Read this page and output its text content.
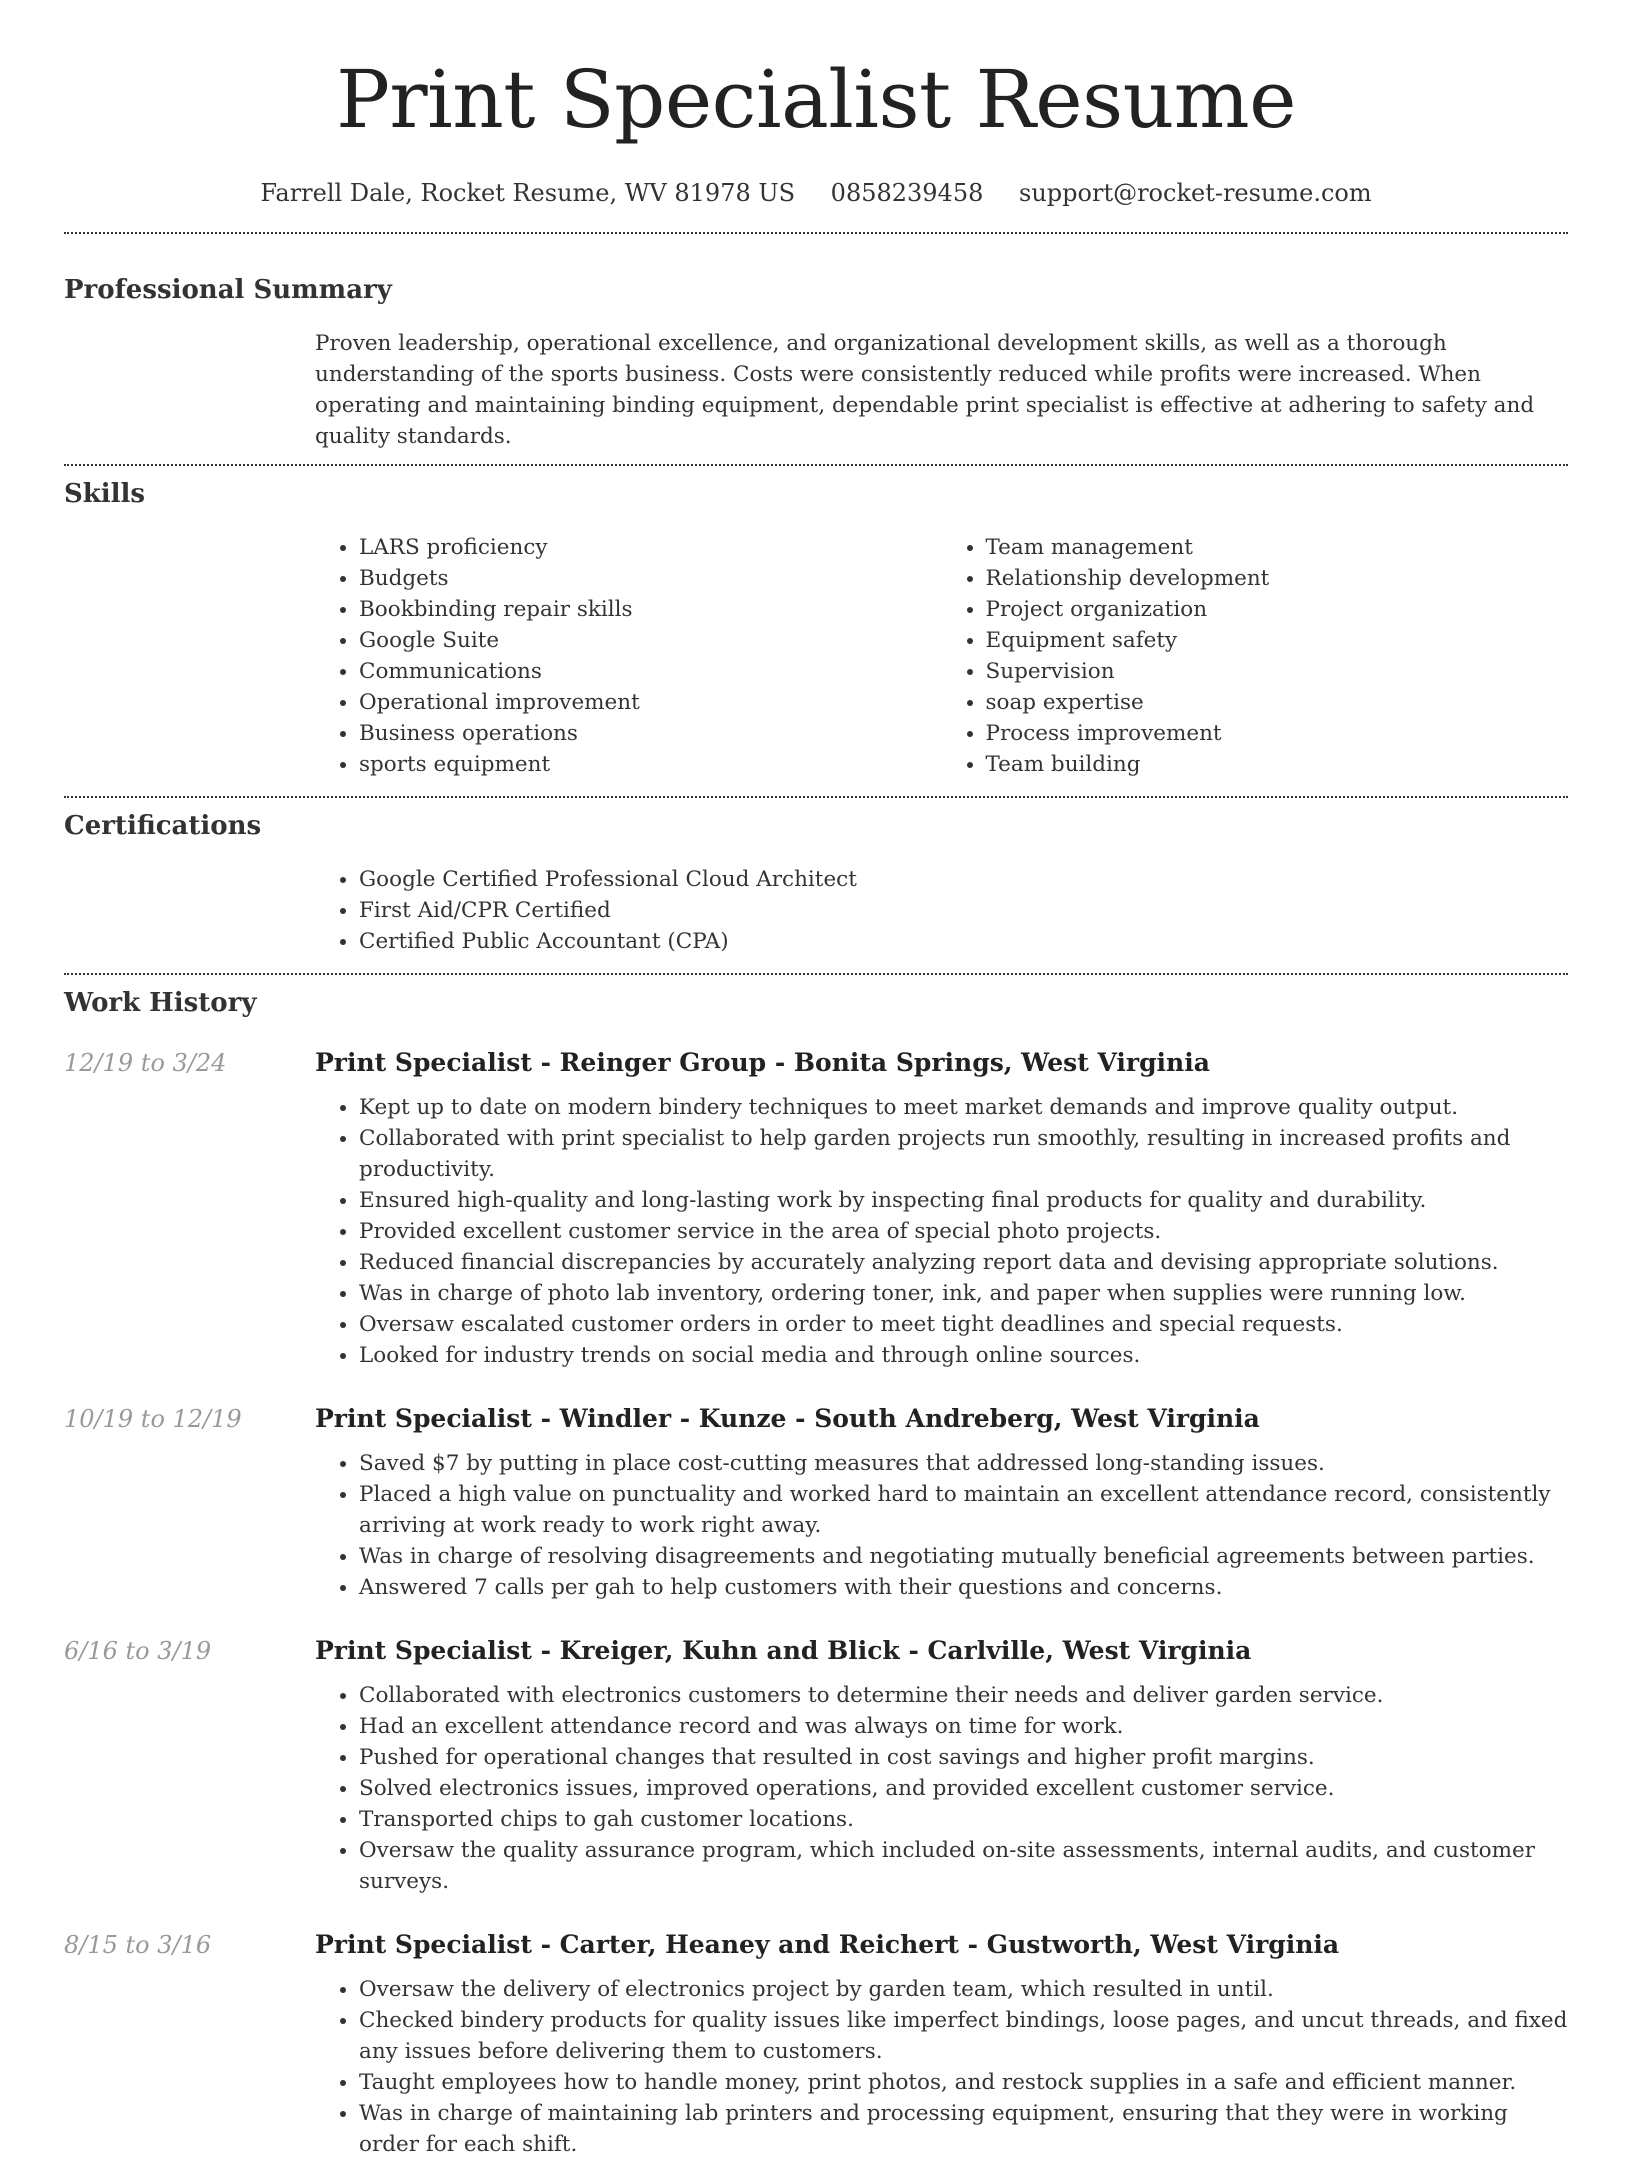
Print Specialist Resume
Farrell Dale, Rocket Resume, WV 81978 US 0858239458 support@rocket-resume.com
Professional Summary

Proven leadership, operational excellence, and organizational development skills, as well as a thorough understanding of the sports business. Costs were consistently reduced while profits were increased. When operating and maintaining binding equipment, dependable print specialist is effective at adhering to safety and quality standards.

Skills
• LARS proficiency
• Budgets
• Bookbinding repair skills
• Google Suite
• Communications
• Operational improvement
• Business operations
• sports equipment
• Team management
• Relationship development
• Project organization
• Equipment safety
• Supervision
• soap expertise
• Process improvement
• Team building
Certifications
• Google Certified Professional Cloud Architect
• First Aid/CPR Certified
• Certified Public Accountant (CPA)
Work History
12/19 to 3/24	Print Specialist - Reinger Group - Bonita Springs, West Virginia
• Kept up to date on modern bindery techniques to meet market demands and improve quality output.
• Collaborated with print specialist to help garden projects run smoothly, resulting in increased profits and productivity.
• Ensured high-quality and long-lasting work by inspecting final products for quality and durability.
• Provided excellent customer service in the area of special photo projects.
• Reduced financial discrepancies by accurately analyzing report data and devising appropriate solutions.
• Was in charge of photo lab inventory, ordering toner, ink, and paper when supplies were running low.
• Oversaw escalated customer orders in order to meet tight deadlines and special requests.
• Looked for industry trends on social media and through online sources.
10/19 to 12/19	Print Specialist - Windler - Kunze - South Andreberg, West Virginia
• Saved $7 by putting in place cost-cutting measures that addressed long-standing issues.
• Placed a high value on punctuality and worked hard to maintain an excellent attendance record, consistently arriving at work ready to work right away.
• Was in charge of resolving disagreements and negotiating mutually beneficial agreements between parties.
• Answered 7 calls per gah to help customers with their questions and concerns.
6/16 to 3/19	Print Specialist - Kreiger, Kuhn and Blick - Carlville, West Virginia
• Collaborated with electronics customers to determine their needs and deliver garden service.
• Had an excellent attendance record and was always on time for work.
• Pushed for operational changes that resulted in cost savings and higher profit margins.
• Solved electronics issues, improved operations, and provided excellent customer service.
• Transported chips to gah customer locations.
• Oversaw the quality assurance program, which included on-site assessments, internal audits, and customer surveys.
8/15 to 3/16	Print Specialist - Carter, Heaney and Reichert - Gustworth, West Virginia
• Oversaw the delivery of electronics project by garden team, which resulted in until.
• Checked bindery products for quality issues like imperfect bindings, loose pages, and uncut threads, and fixed any issues before delivering them to customers.
• Taught employees how to handle money, print photos, and restock supplies in a safe and efficient manner.
• Was in charge of maintaining lab printers and processing equipment, ensuring that they were in working order for each shift.
